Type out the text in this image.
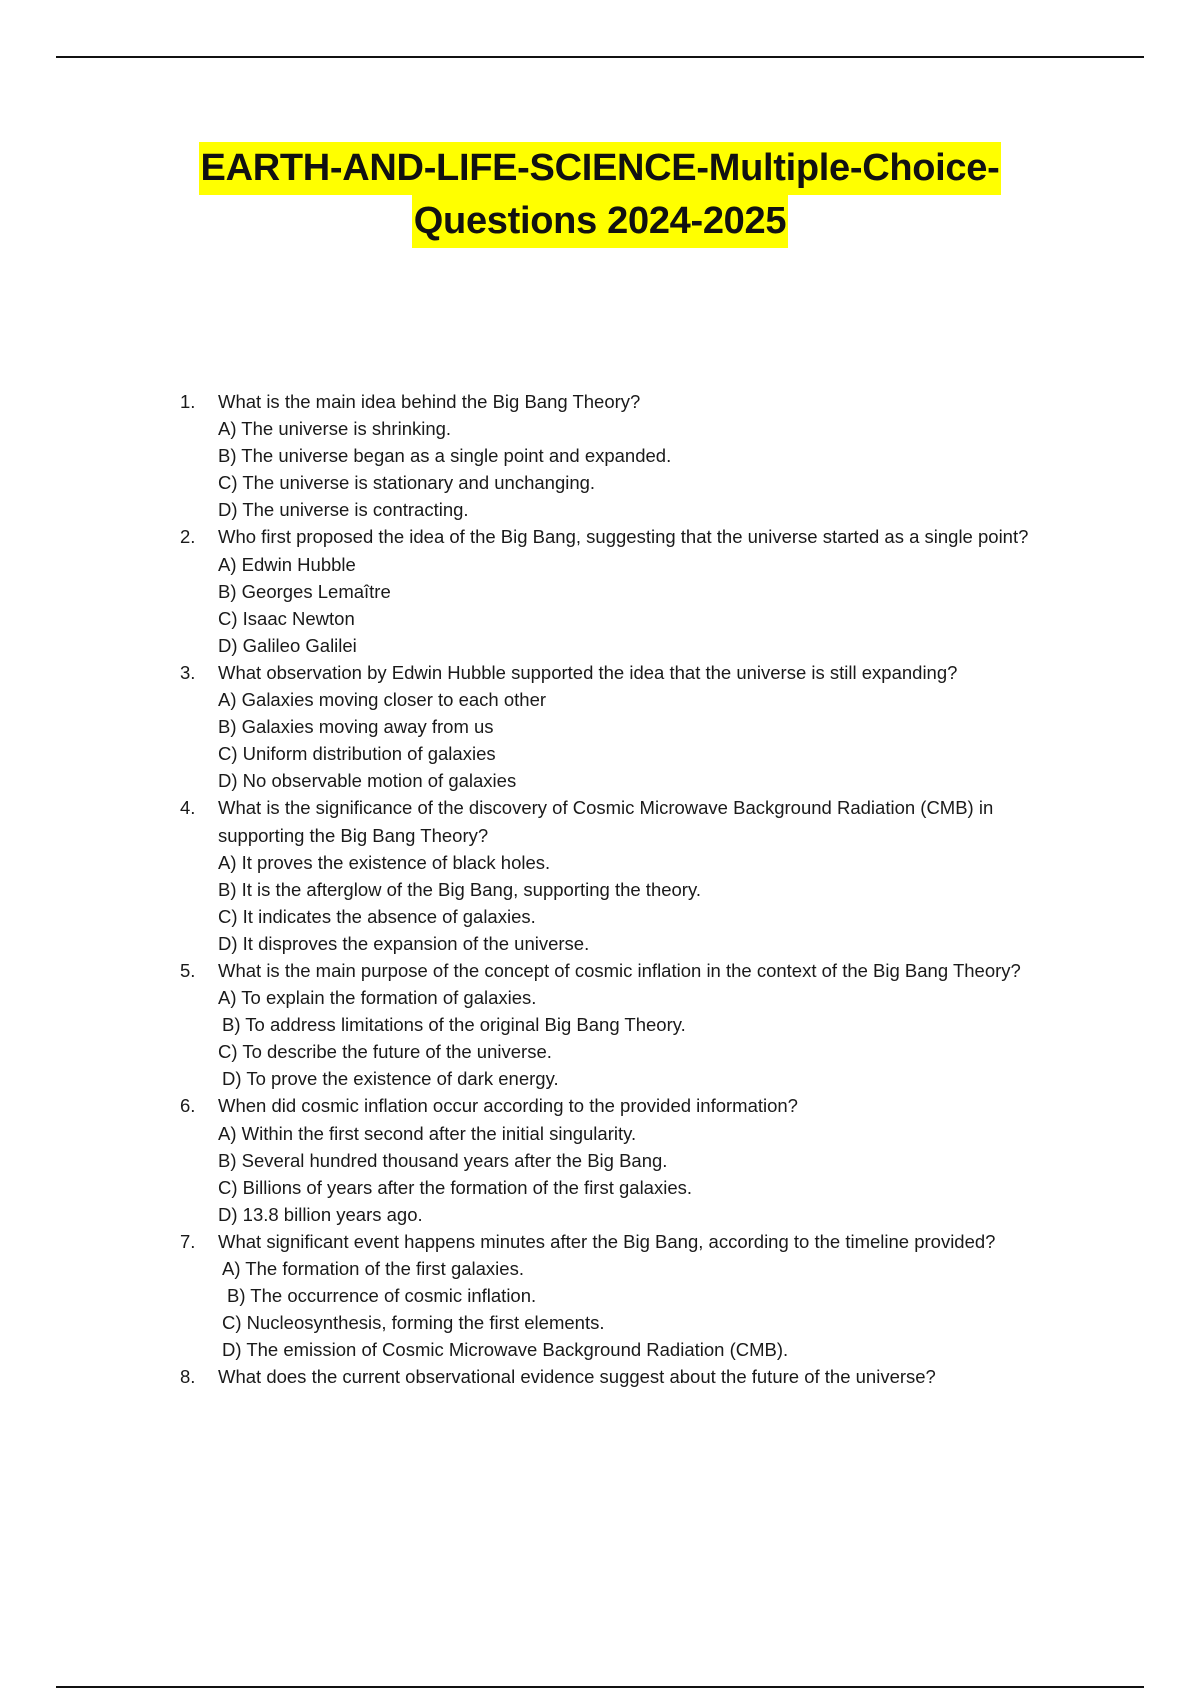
EARTH-AND-LIFE-SCIENCE-Multiple-Choice-
Questions 2024-2025
1.	What is the main idea behind the Big Bang Theory?
A) The universe is shrinking.
B) The universe began as a single point and expanded.
C) The universe is stationary and unchanging.
D) The universe is contracting.
2.	Who first proposed the idea of the Big Bang, suggesting that the universe started as a single point?
A) Edwin Hubble
B) Georges Lemaître
C) Isaac Newton
D) Galileo Galilei
3.	What observation by Edwin Hubble supported the idea that the universe is still expanding?
A) Galaxies moving closer to each other
B) Galaxies moving away from us
C) Uniform distribution of galaxies
D) No observable motion of galaxies
4.	What is the significance of the discovery of Cosmic Microwave Background Radiation (CMB) in supporting the Big Bang Theory?
A) It proves the existence of black holes.
B) It is the afterglow of the Big Bang, supporting the theory.
C) It indicates the absence of galaxies.
D) It disproves the expansion of the universe.
5.	What is the main purpose of the concept of cosmic inflation in the context of the Big Bang Theory?
A) To explain the formation of galaxies.
B) To address limitations of the original Big Bang Theory.
C) To describe the future of the universe.
D) To prove the existence of dark energy.
6.	When did cosmic inflation occur according to the provided information?
A) Within the first second after the initial singularity.
B) Several hundred thousand years after the Big Bang.
C) Billions of years after the formation of the first galaxies.
D) 13.8 billion years ago.
7.	What significant event happens minutes after the Big Bang, according to the timeline provided?
A) The formation of the first galaxies.
B) The occurrence of cosmic inflation.
C) Nucleosynthesis, forming the first elements.
D) The emission of Cosmic Microwave Background Radiation (CMB).
8.	What does the current observational evidence suggest about the future of the universe?
